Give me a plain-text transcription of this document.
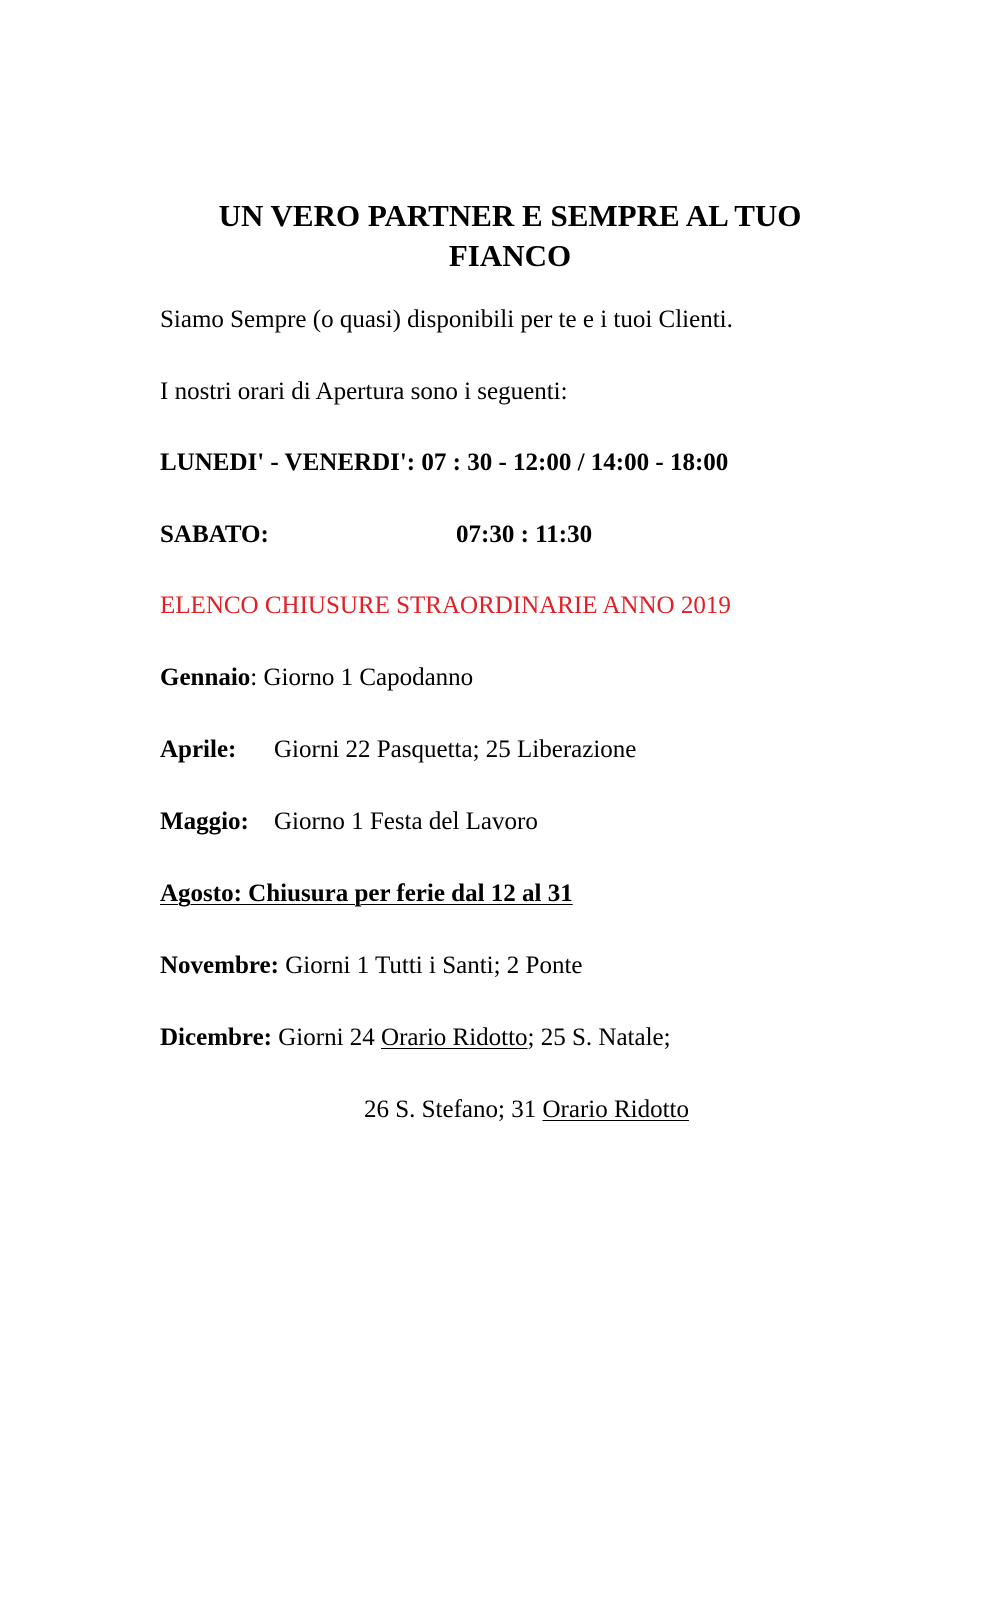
UN VERO PARTNER E SEMPRE AL TUO
FIANCO
Siamo Sempre (o quasi) disponibili per te e i tuoi Clienti.
I nostri orari di Apertura sono i seguenti:
LUNEDI' - VENERDI': 07 : 30 - 12:00 / 14:00 - 18:00
SABATO:	07:30 : 11:30
ELENCO CHIUSURE STRAORDINARIE ANNO 2019
Gennaio: Giorno 1 Capodanno
Aprile: Giorni 22 Pasquetta; 25 Liberazione
Maggio: Giorno 1 Festa del Lavoro
Agosto: Chiusura per ferie dal 12 al 31
Novembre: Giorni 1 Tutti i Santi; 2 Ponte
Dicembre: Giorni 24 Orario Ridotto; 25 S. Natale;
26 S. Stefano; 31 Orario Ridotto
